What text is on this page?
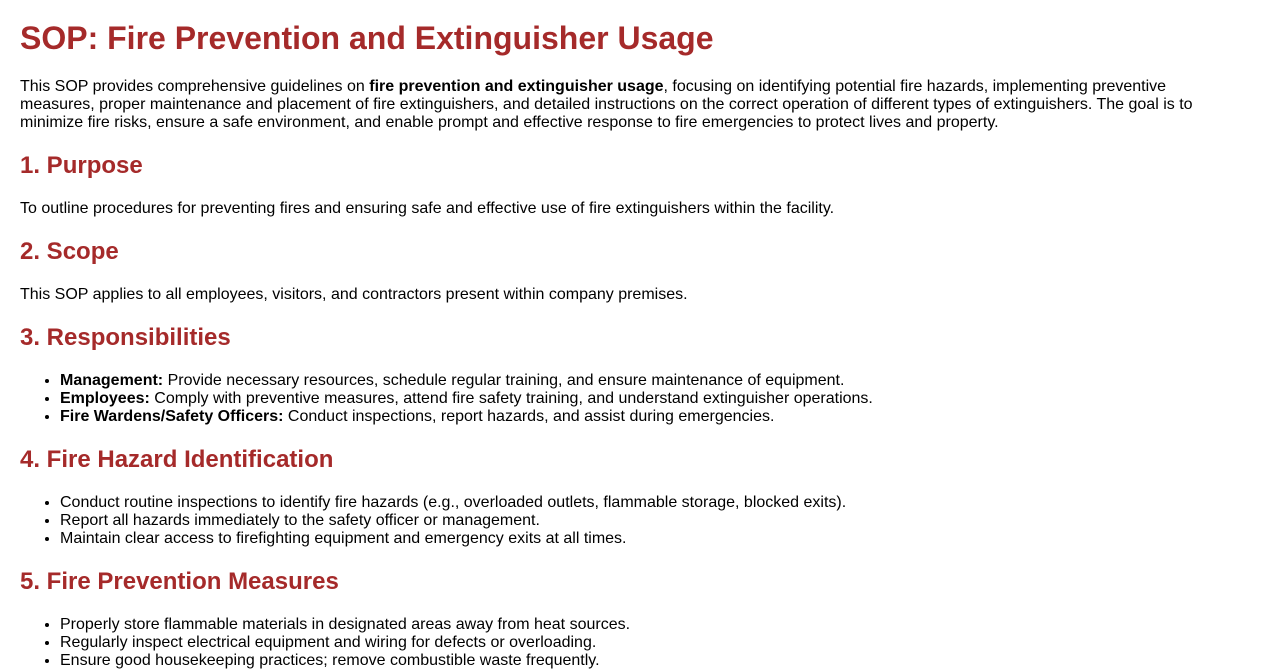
SOP: Fire Prevention and Extinguisher Usage

This SOP provides comprehensive guidelines on fire prevention and extinguisher usage, focusing on identifying potential fire hazards, implementing preventive measures, proper maintenance and placement of fire extinguishers, and detailed instructions on the correct operation of different types of extinguishers. The goal is to minimize fire risks, ensure a safe environment, and enable prompt and effective response to fire emergencies to protect lives and property.

1. Purpose

To outline procedures for preventing fires and ensuring safe and effective use of fire extinguishers within the facility.

2. Scope

This SOP applies to all employees, visitors, and contractors present within company premises.

3. Responsibilities
• Management: Provide necessary resources, schedule regular training, and ensure maintenance of equipment.
• Employees: Comply with preventive measures, attend fire safety training, and understand extinguisher operations.
• Fire Wardens/Safety Officers: Conduct inspections, report hazards, and assist during emergencies.
4. Fire Hazard Identification
• Conduct routine inspections to identify fire hazards (e.g., overloaded outlets, flammable storage, blocked exits).
• Report all hazards immediately to the safety officer or management.
• Maintain clear access to firefighting equipment and emergency exits at all times.
5. Fire Prevention Measures
• Properly store flammable materials in designated areas away from heat sources.
• Regularly inspect electrical equipment and wiring for defects or overloading.
• Ensure good housekeeping practices; remove combustible waste frequently.
